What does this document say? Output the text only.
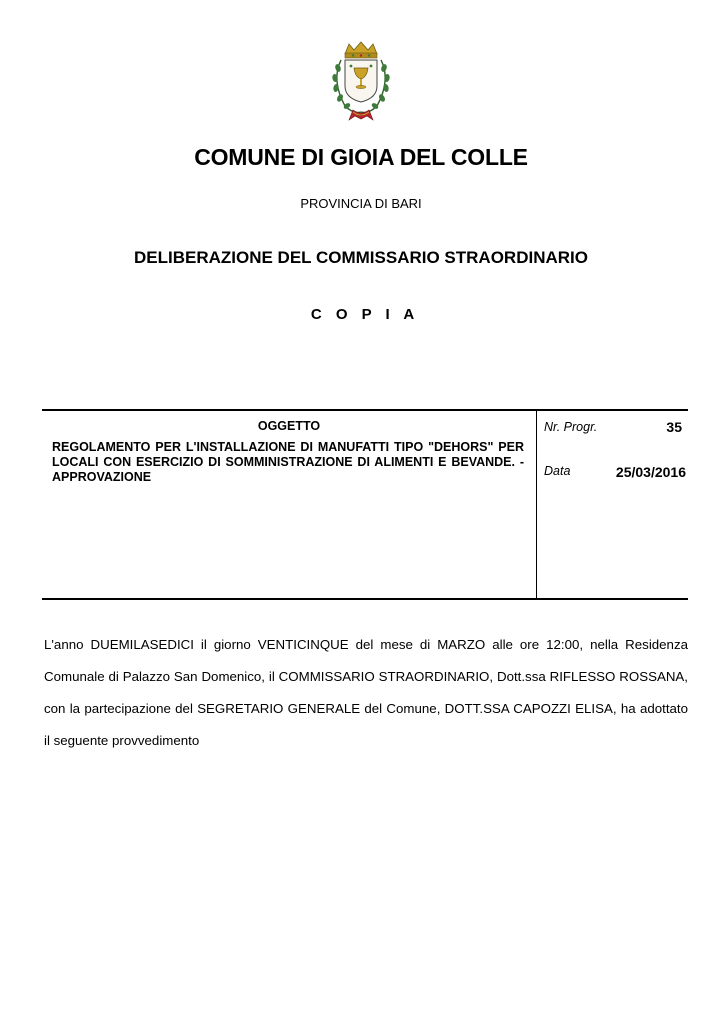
COMUNE DI GIOIA DEL COLLE
PROVINCIA DI BARI
DELIBERAZIONE DEL COMMISSARIO STRAORDINARIO
C O P I A
OGGETTO
REGOLAMENTO PER L'INSTALLAZIONE DI MANUFATTI TIPO "DEHORS" PER LOCALI CON ESERCIZIO DI SOMMINISTRAZIONE DI ALIMENTI E BEVANDE. - APPROVAZIONE
Nr. Progr.	35
Data	25/03/2016
L'anno DUEMILASEDICI il giorno VENTICINQUE del mese di MARZO alle ore 12:00, nella Residenza Comunale di Palazzo San Domenico, il COMMISSARIO STRAORDINARIO, Dott.ssa RIFLESSO ROSSANA, con la partecipazione del SEGRETARIO GENERALE del Comune, DOTT.SSA CAPOZZI ELISA, ha adottato il seguente provvedimento
